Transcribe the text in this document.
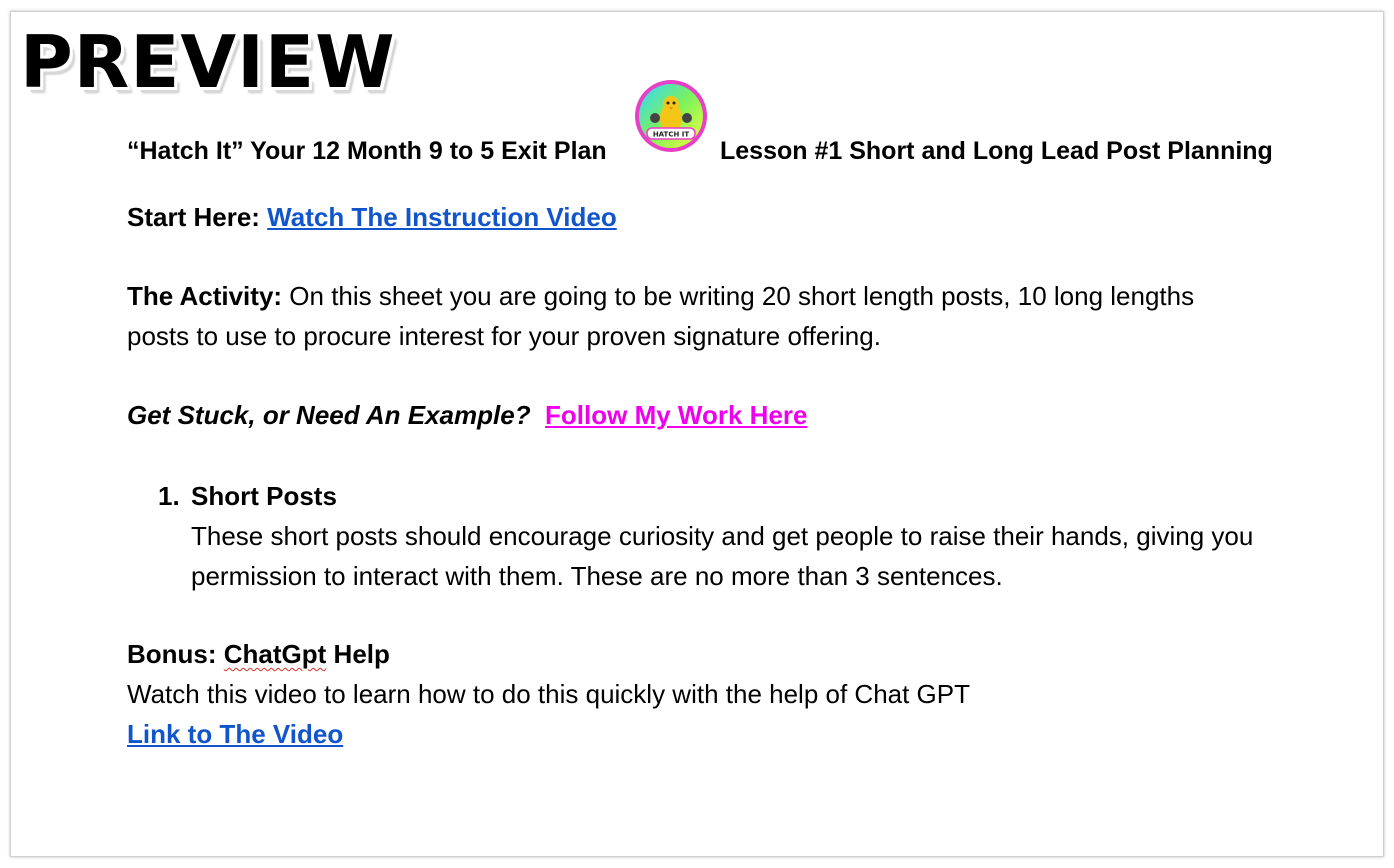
PREVIEW
“Hatch It” Your 12 Month 9 to 5 Exit Plan
HATCH IT
Lesson #1 Short and Long Lead Post Planning
Start Here: Watch The Instruction Video
The Activity: On this sheet you are going to be writing 20 short length posts, 10 long lengths
posts to use to procure interest for your proven signature offering.
Get Stuck, or Need An Example? Follow My Work Here
1. Short Posts
These short posts should encourage curiosity and get people to raise their hands, giving you
permission to interact with them. These are no more than 3 sentences.
Bonus: ChatGpt Help
Watch this video to learn how to do this quickly with the help of Chat GPT
Link to The Video
